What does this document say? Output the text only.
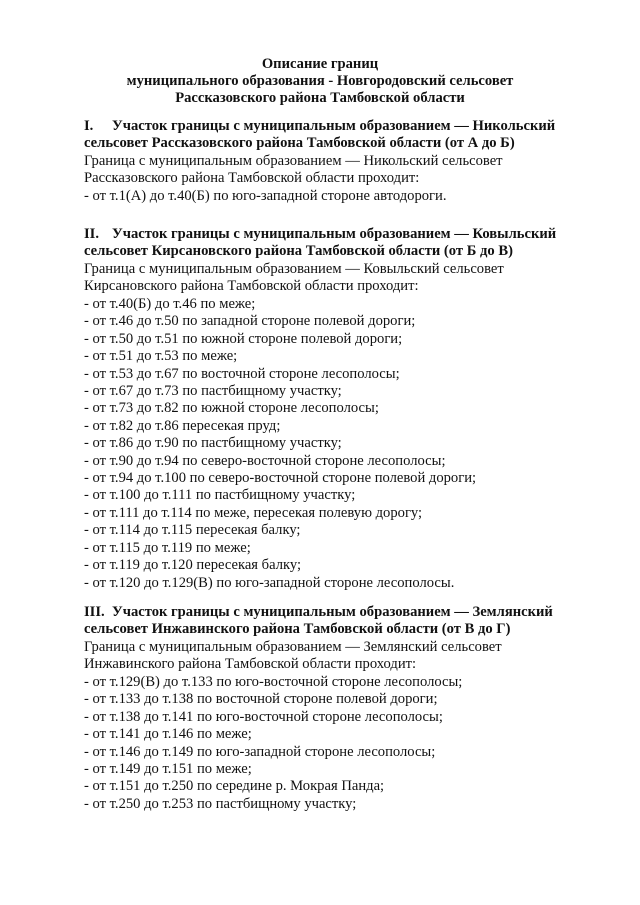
Описание границ
муниципального образования - Новгородовский сельсовет
Рассказовского района Тамбовской области
I. Участок границы с муниципальным образованием — Никольский
сельсовет Рассказовского района Тамбовской области (от А до Б)
Граница с муниципальным образованием — Никольский сельсовет
Рассказовского района Тамбовской области проходит:
- от т.1(А) до т.40(Б) по юго-западной стороне автодороги.
II. Участок границы с муниципальным образованием — Ковыльский
сельсовет Кирсановского района Тамбовской области (от Б до В)
Граница с муниципальным образованием — Ковыльский сельсовет
Кирсановского района Тамбовской области проходит:
- от т.40(Б) до т.46 по меже;
- от т.46 до т.50 по западной стороне полевой дороги;
- от т.50 до т.51 по южной стороне полевой дороги;
- от т.51 до т.53 по меже;
- от т.53 до т.67 по восточной стороне лесополосы;
- от т.67 до т.73 по пастбищному участку;
- от т.73 до т.82 по южной стороне лесополосы;
- от т.82 до т.86 пересекая пруд;
- от т.86 до т.90 по пастбищному участку;
- от т.90 до т.94 по северо-восточной стороне лесополосы;
- от т.94 до т.100 по северо-восточной стороне полевой дороги;
- от т.100 до т.111 по пастбищному участку;
- от т.111 до т.114 по меже, пересекая полевую дорогу;
- от т.114 до т.115 пересекая балку;
- от т.115 до т.119 по меже;
- от т.119 до т.120 пересекая балку;
- от т.120 до т.129(В) по юго-западной стороне лесополосы.
III. Участок границы с муниципальным образованием — Землянский
сельсовет Инжавинского района Тамбовской области (от В до Г)
Граница с муниципальным образованием — Землянский сельсовет
Инжавинского района Тамбовской области проходит:
- от т.129(В) до т.133 по юго-восточной стороне лесополосы;
- от т.133 до т.138 по восточной стороне полевой дороги;
- от т.138 до т.141 по юго-восточной стороне лесополосы;
- от т.141 до т.146 по меже;
- от т.146 до т.149 по юго-западной стороне лесополосы;
- от т.149 до т.151 по меже;
- от т.151 до т.250 по середине р. Мокрая Панда;
- от т.250 до т.253 по пастбищному участку;
